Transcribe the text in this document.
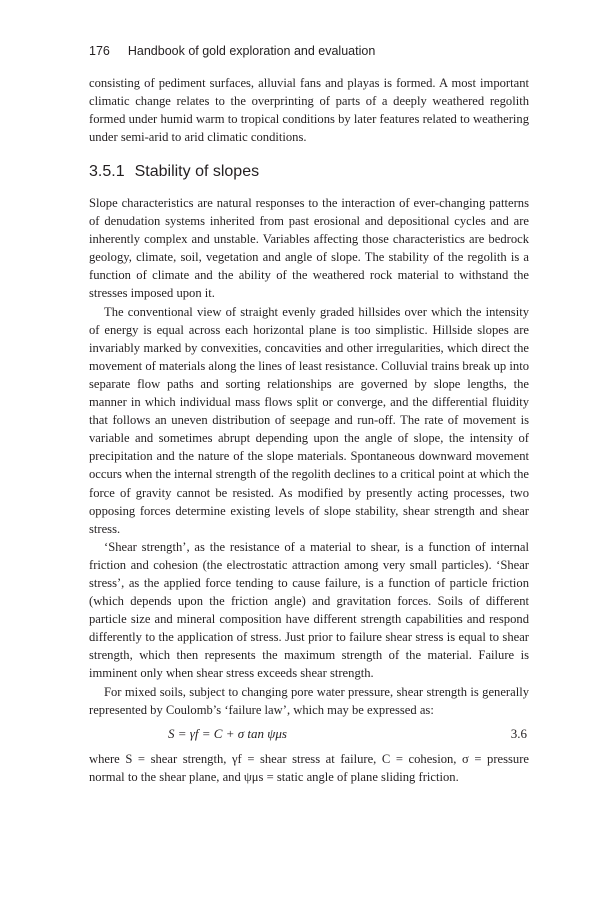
176 Handbook of gold exploration and evaluation

consisting of pediment surfaces, alluvial fans and playas is formed. A most important climatic change relates to the overprinting of parts of a deeply weathered regolith formed under humid warm to tropical conditions by later features related to weathering under semi-arid to arid climatic conditions.

3.5.1 Stability of slopes

Slope characteristics are natural responses to the interaction of ever-changing patterns of denudation systems inherited from past erosional and depositional cycles and are inherently complex and unstable. Variables affecting those characteristics are bedrock geology, climate, soil, vegetation and angle of slope. The stability of the regolith is a function of climate and the ability of the weathered rock material to withstand the stresses imposed upon it.

The conventional view of straight evenly graded hillsides over which the intensity of energy is equal across each horizontal plane is too simplistic. Hillside slopes are invariably marked by convexities, concavities and other irregularities, which direct the movement of materials along the lines of least resistance. Colluvial trains break up into separate flow paths and sorting relationships are governed by slope lengths, the manner in which individual mass flows split or converge, and the differential fluidity that follows an uneven distribution of seepage and run-off. The rate of movement is variable and sometimes abrupt depending upon the angle of slope, the intensity of precipitation and the nature of the slope materials. Spontaneous downward movement occurs when the internal strength of the regolith declines to a critical point at which the force of gravity cannot be resisted. As modified by presently acting processes, two opposing forces determine existing levels of slope stability, shear strength and shear stress.

‘Shear strength’, as the resistance of a material to shear, is a function of internal friction and cohesion (the electrostatic attraction among very small particles). ‘Shear stress’, as the applied force tending to cause failure, is a function of particle friction (which depends upon the friction angle) and gravitation forces. Soils of different particle size and mineral composition have different strength capabilities and respond differently to the application of stress. Just prior to failure shear stress is equal to shear strength, which then represents the maximum strength of the material. Failure is imminent only when shear stress exceeds shear strength.

For mixed soils, subject to changing pore water pressure, shear strength is generally represented by Coulomb’s ‘failure law’, which may be expressed as:

S = γf = C + σ tan ψμs	3.6

where S = shear strength, γf = shear stress at failure, C = cohesion, σ = pressure normal to the shear plane, and ψμs = static angle of plane sliding friction.
